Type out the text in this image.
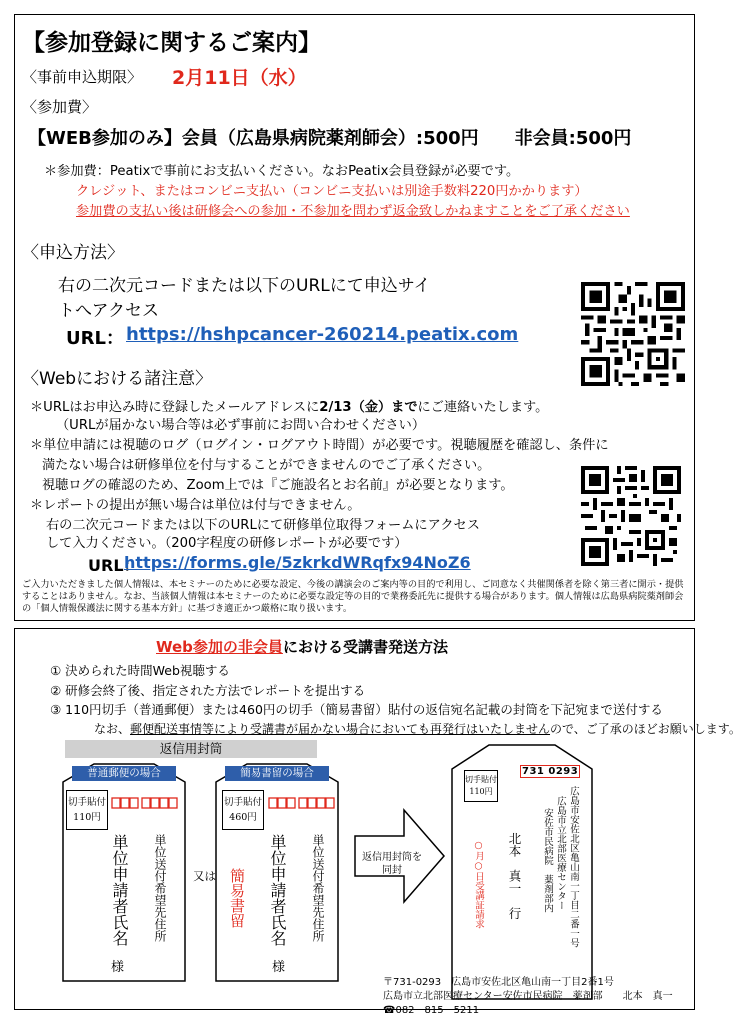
【参加登録に関するご案内】
〈事前申込期限〉 2月11日（水）
〈参加費〉
【WEB参加のみ】会員（広島県病院薬剤師会）:500円　　非会員:500円
＊参加費：Peatixで事前にお支払いください。なおPeatix会員登録が必要です。
クレジット、またはコンビニ支払い（コンビニ支払いは別途手数料220円かかります）
参加費の支払い後は研修会への参加・不参加を問わず返金致しかねますことをご了承ください
〈申込方法〉
右の二次元コードまたは以下のURLにて申込サイ
トへアクセス
URL： https://hshpcancer-260214.peatix.com
〈Webにおける諸注意〉
＊URLはお申込み時に登録したメールアドレスに2/13（金）までにご連絡いたします。
（URLが届かない場合等は必ず事前にお問い合わせください）
＊単位申請には視聴のログ（ログイン・ログアウト時間）が必要です。視聴履歴を確認し、条件に
満たない場合は研修単位を付与することができませんのでご了承ください。
視聴ログの確認のため、Zoom上では『ご施設名とお名前』が必要となります。
＊レポートの提出が無い場合は単位は付与できません。
右の二次元コードまたは以下のURLにて研修単位取得フォームにアクセス
して入力ください。（200字程度の研修レポートが必要です）
URL：
https://forms.gle/5zkrkdWRqfx94NoZ6
ご入力いただきました個人情報は、本セミナーのために必要な設定、今後の講演会のご案内等の目的で利用し、ご同意なく共催関係者を除く第三者に開示・提供することはありません。なお、当該個人情報は本セミナーのために必要な設定等の目的で業務委託先に提供する場合があります。個人情報は広島県病院薬剤師会の「個人情報保護法に関する基本方針」に基づき適正かつ厳格に取り扱います。
Web参加の非会員における受講書発送方法
① 決められた時間Web視聴する
② 研修会終了後、指定された方法でレポートを提出する
③ 110円切手（普通郵便）または460円の切手（簡易書留）貼付の返信宛名記載の封筒を下記宛まで送付する
なお、郵便配送事情等により受講書が届かない場合においても再発行はいたしませんので、ご了承のほどお願いします。
返信用封筒
普通郵便の場合
切手貼付
110円
単位送付希望先住所
単位申請者氏名
様
又は
簡易書留の場合
切手貼付
460円
単位送付希望先住所
単位申請者氏名
簡易書留
様
返信用封筒を
同封
切手貼付
110円
731 0293
広島市安佐北区亀山南一丁目二番一号
広島市立北部医療センター
安佐市民病院　薬剤部内
北本　真一　行
○月○日受講証請求
〒731-0293　広島市安佐北区亀山南一丁目2番1号
広島市立北部医療センター安佐市民病院　薬剤部　　北本　真一
☎082－815－5211
